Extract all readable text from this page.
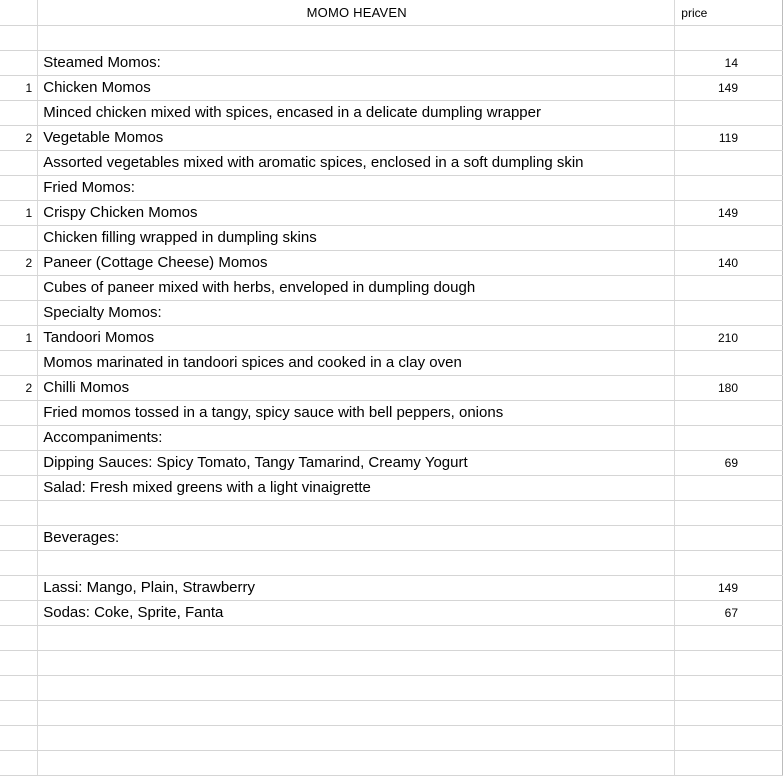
	MOMO HEAVEN	price

	Steamed Momos:	14
1	Chicken Momos	149
	Minced chicken mixed with spices, encased in a delicate dumpling wrapper	
2	Vegetable Momos	119
	Assorted vegetables mixed with aromatic spices, enclosed in a soft dumpling skin	
	Fried Momos:	
1	Crispy Chicken Momos	149
	Chicken filling wrapped in dumpling skins	
2	Paneer (Cottage Cheese) Momos	140
	Cubes of paneer mixed with herbs, enveloped in dumpling dough	
	Specialty Momos:	
1	Tandoori Momos	210
	Momos marinated in tandoori spices and cooked in a clay oven	
2	Chilli Momos	180
	Fried momos tossed in a tangy, spicy sauce with bell peppers, onions	
	Accompaniments:	
	Dipping Sauces: Spicy Tomato, Tangy Tamarind, Creamy Yogurt	69
	Salad: Fresh mixed greens with a light vinaigrette	

	Beverages:	

	Lassi: Mango, Plain, Strawberry	149
	Sodas: Coke, Sprite, Fanta	67
